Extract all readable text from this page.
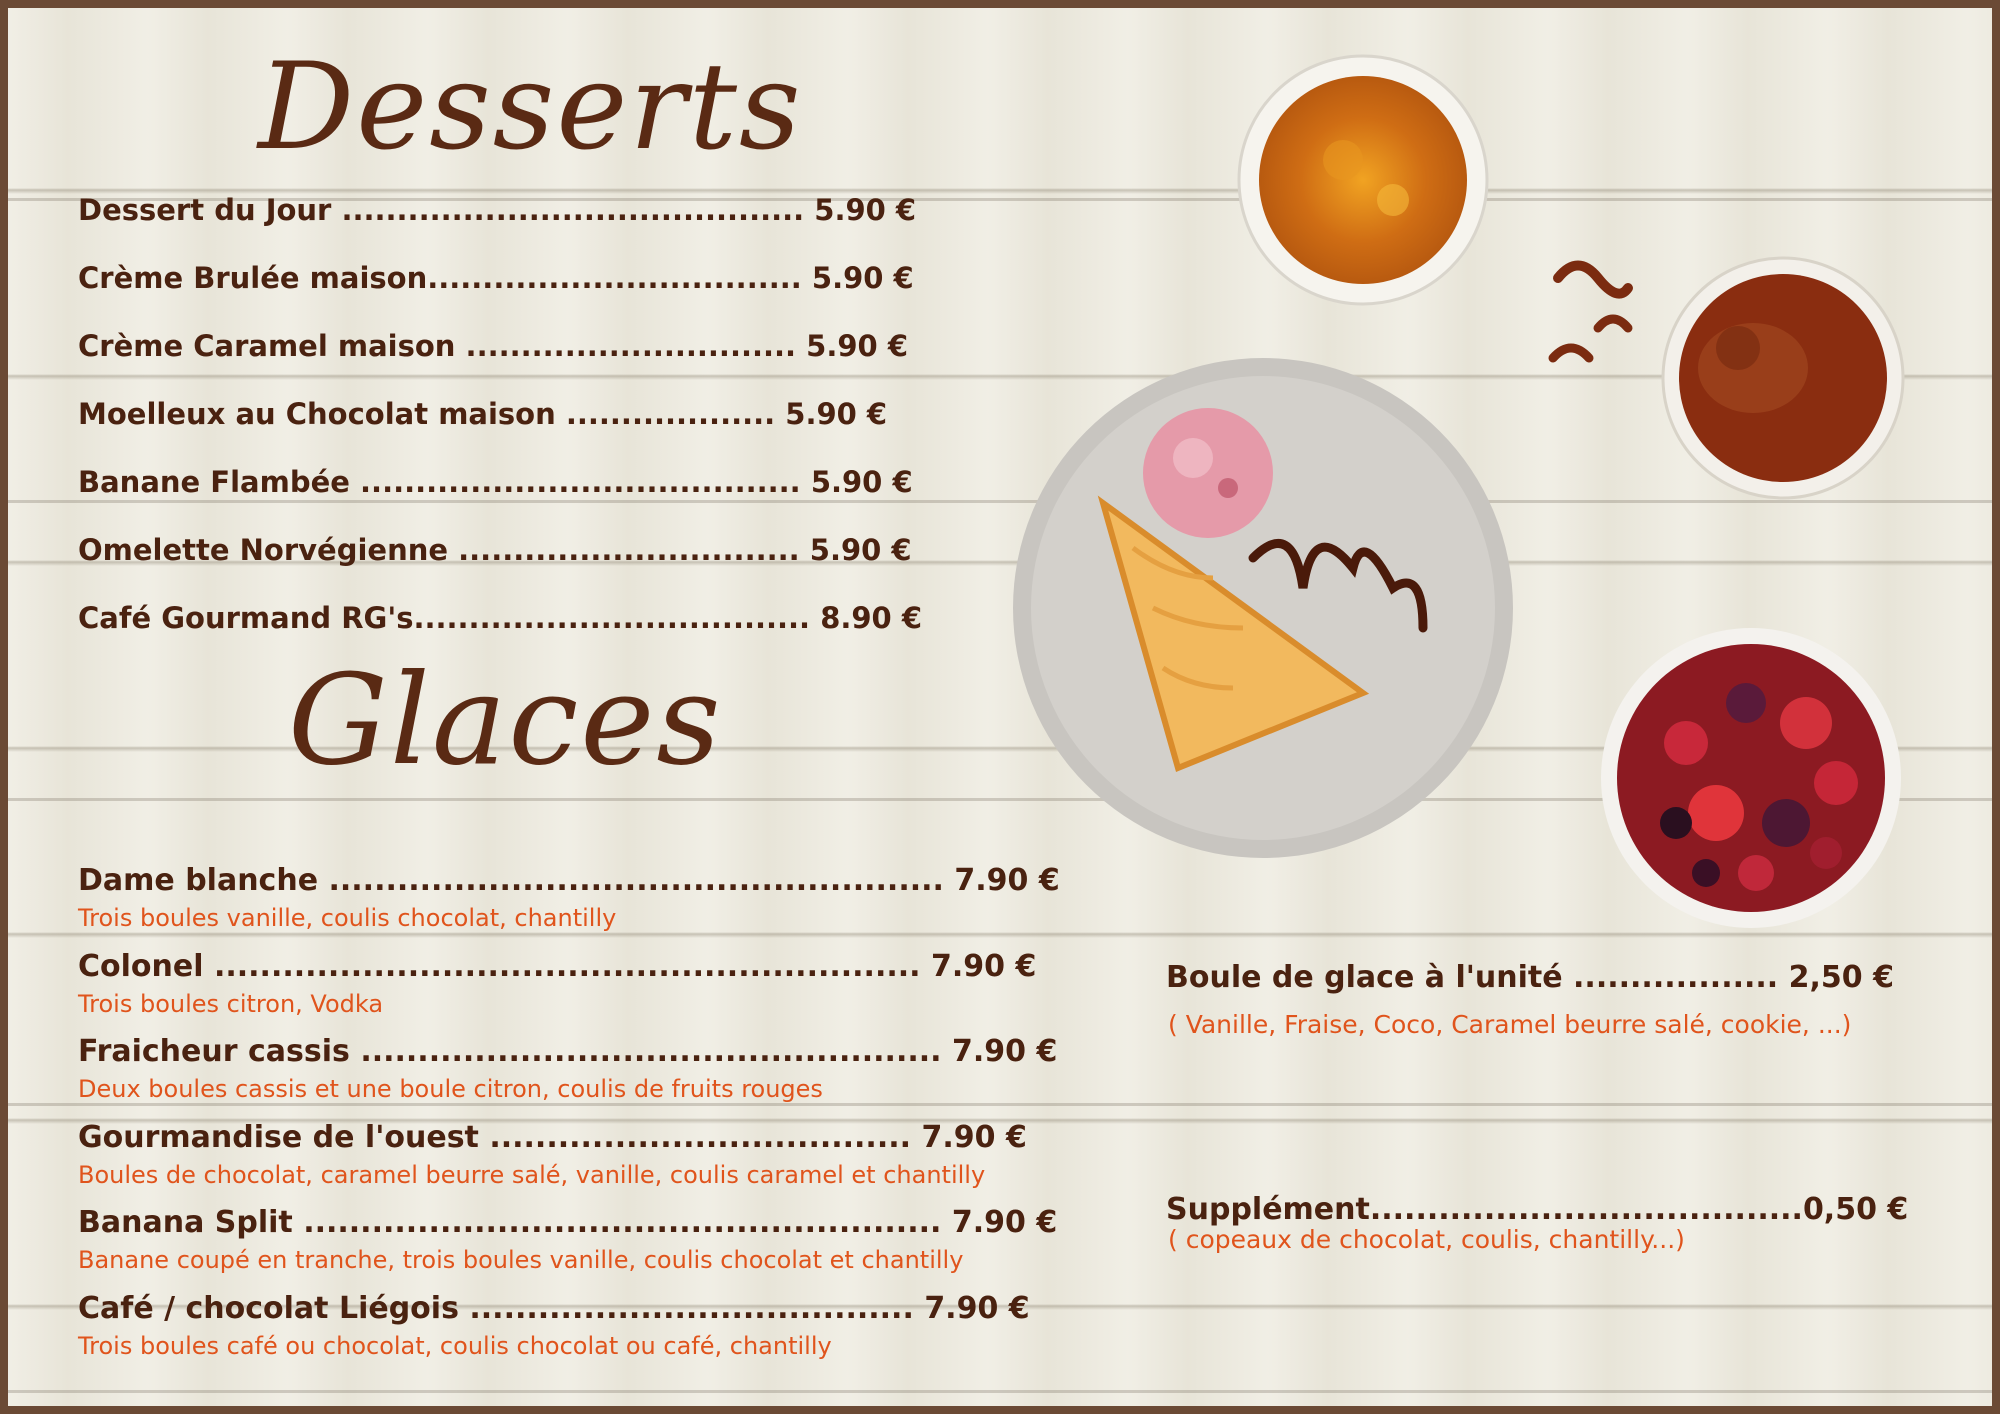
Desserts
Glaces
Dessert du Jour .......................................... 5.90 €
Crème Brulée maison.................................. 5.90 €
Crème Caramel maison .............................. 5.90 €
Moelleux au Chocolat maison ................... 5.90 €
Banane Flambée ........................................ 5.90 €
Omelette Norvégienne ............................... 5.90 €
Café Gourmand RG's.................................... 8.90 €
Dame blanche ...................................................... 7.90 €
Trois boules vanille, coulis chocolat, chantilly
Colonel .............................................................. 7.90 €
Trois boules citron, Vodka
Fraicheur cassis ................................................... 7.90 €
Deux boules cassis et une boule citron, coulis de fruits rouges
Gourmandise de l'ouest ..................................... 7.90 €
Boules de chocolat, caramel beurre salé, vanille, coulis caramel et chantilly
Banana Split ........................................................ 7.90 €
Banane coupé en tranche, trois boules vanille, coulis chocolat et chantilly
Café / chocolat Liégois ....................................... 7.90 €
Trois boules café ou chocolat, coulis chocolat ou café, chantilly
Boule de glace à l'unité .................. 2,50 €
( Vanille, Fraise, Coco, Caramel beurre salé, cookie, ...)
Supplément......................................0,50 €
( copeaux de chocolat, coulis, chantilly...)
